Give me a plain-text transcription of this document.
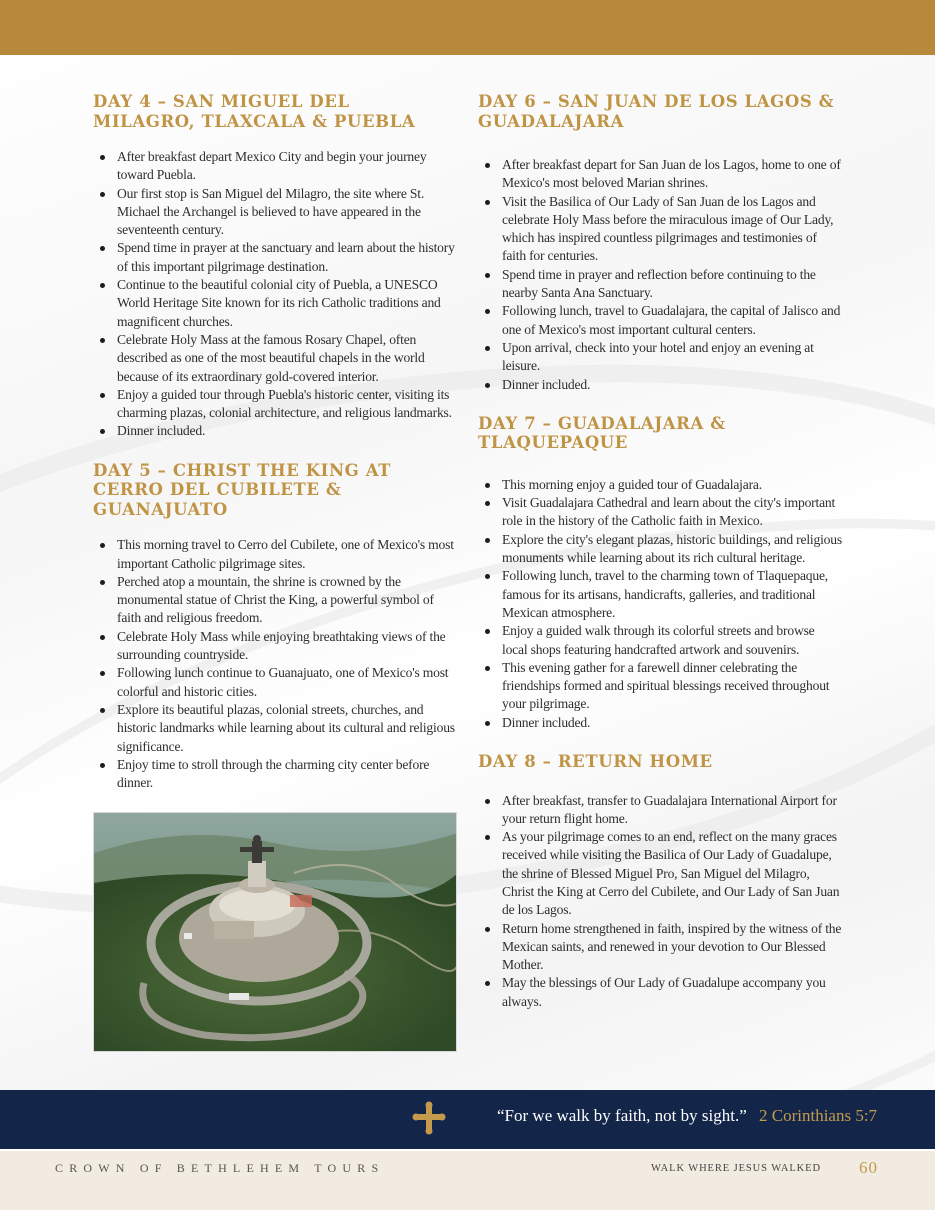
DAY 4 – SAN MIGUEL DEL MILAGRO, TLAXCALA & PUEBLA
After breakfast depart Mexico City and begin your journey toward Puebla.
Our first stop is San Miguel del Milagro, the site where St. Michael the Archangel is believed to have appeared in the seventeenth century.
Spend time in prayer at the sanctuary and learn about the history of this important pilgrimage destination.
Continue to the beautiful colonial city of Puebla, a UNESCO World Heritage Site known for its rich Catholic traditions and magnificent churches.
Celebrate Holy Mass at the famous Rosary Chapel, often described as one of the most beautiful chapels in the world because of its extraordinary gold-covered interior.
Enjoy a guided tour through Puebla's historic center, visiting its charming plazas, colonial architecture, and religious landmarks.
Dinner included.
DAY 5 – CHRIST THE KING AT CERRO DEL CUBILETE & GUANAJUATO
This morning travel to Cerro del Cubilete, one of Mexico's most important Catholic pilgrimage sites.
Perched atop a mountain, the shrine is crowned by the monumental statue of Christ the King, a powerful symbol of faith and religious freedom.
Celebrate Holy Mass while enjoying breathtaking views of the surrounding countryside.
Following lunch continue to Guanajuato, one of Mexico's most colorful and historic cities.
Explore its beautiful plazas, colonial streets, churches, and historic landmarks while learning about its cultural and religious significance.
Enjoy time to stroll through the charming city center before dinner.
DAY 6 – SAN JUAN DE LOS LAGOS & GUADALAJARA
After breakfast depart for San Juan de los Lagos, home to one of Mexico's most beloved Marian shrines.
Visit the Basilica of Our Lady of San Juan de los Lagos and celebrate Holy Mass before the miraculous image of Our Lady, which has inspired countless pilgrimages and testimonies of faith for centuries.
Spend time in prayer and reflection before continuing to the nearby Santa Ana Sanctuary.
Following lunch, travel to Guadalajara, the capital of Jalisco and one of Mexico's most important cultural centers.
Upon arrival, check into your hotel and enjoy an evening at leisure.
Dinner included.
DAY 7 – GUADALAJARA & TLAQUEPAQUE
This morning enjoy a guided tour of Guadalajara.
Visit Guadalajara Cathedral and learn about the city's important role in the history of the Catholic faith in Mexico.
Explore the city's elegant plazas, historic buildings, and religious monuments while learning about its rich cultural heritage.
Following lunch, travel to the charming town of Tlaquepaque, famous for its artisans, handicrafts, galleries, and traditional Mexican atmosphere.
Enjoy a guided walk through its colorful streets and browse local shops featuring handcrafted artwork and souvenirs.
This evening gather for a farewell dinner celebrating the friendships formed and spiritual blessings received throughout your pilgrimage.
Dinner included.
DAY 8 – RETURN HOME
After breakfast, transfer to Guadalajara International Airport for your return flight home.
As your pilgrimage comes to an end, reflect on the many graces received while visiting the Basilica of Our Lady of Guadalupe, the shrine of Blessed Miguel Pro, San Miguel del Milagro, Christ the King at Cerro del Cubilete, and Our Lady of San Juan de los Lagos.
Return home strengthened in faith, inspired by the witness of the Mexican saints, and renewed in your devotion to Our Blessed Mother.
May the blessings of Our Lady of Guadalupe accompany you always.
“For we walk by faith, not by sight.” 2 Corinthians 5:7
CROWN OF BETHLEHEM TOURS	WALK WHERE JESUS WALKED 60
